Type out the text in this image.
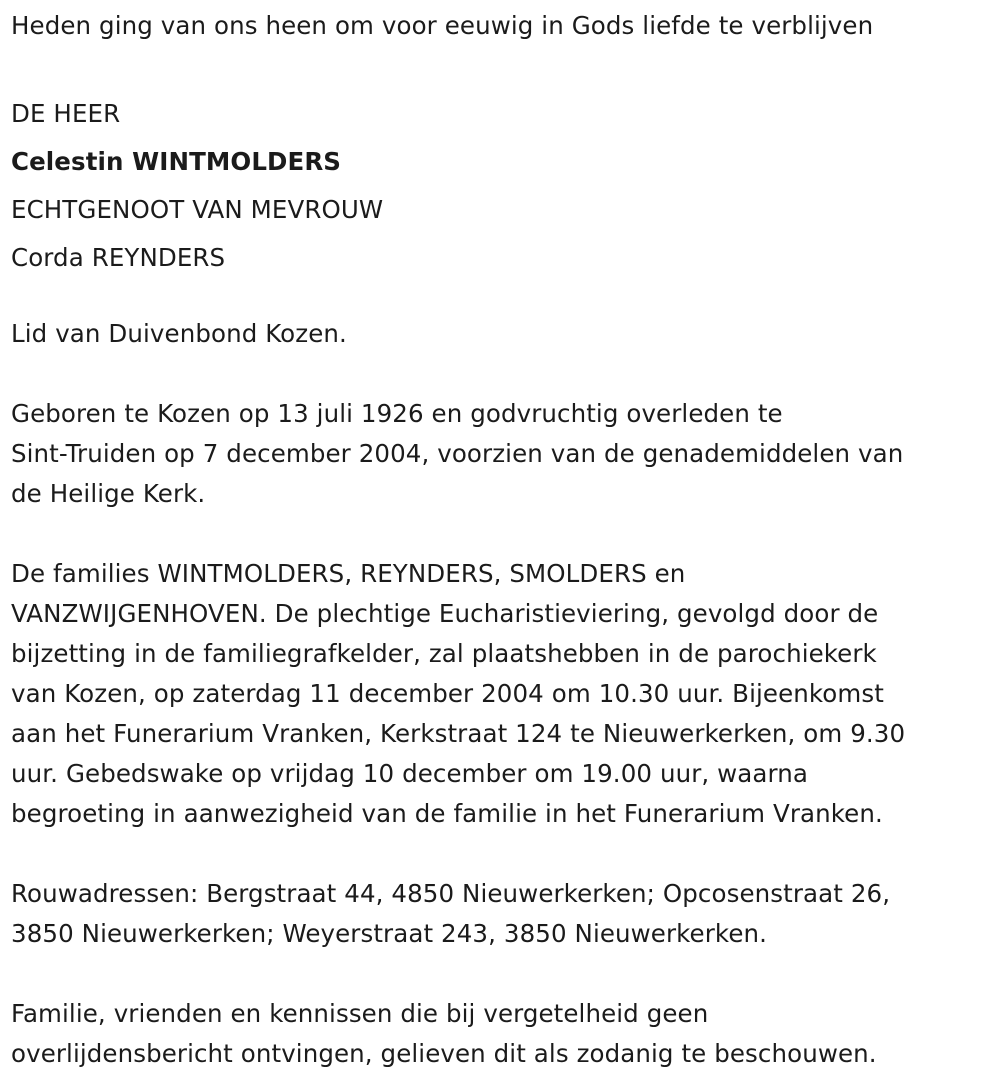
Heden ging van ons heen om voor eeuwig in Gods liefde te verblijven

DE HEER

Celestin WINTMOLDERS

ECHTGENOOT VAN MEVROUW

Corda REYNDERS

Lid van Duivenbond Kozen.

Geboren te Kozen op 13 juli 1926 en godvruchtig overleden te

Sint-Truiden op 7 december 2004, voorzien van de genademiddelen van

de Heilige Kerk.

De families WINTMOLDERS, REYNDERS, SMOLDERS en

VANZWIJGENHOVEN. De plechtige Eucharistieviering, gevolgd door de

bijzetting in de familiegrafkelder, zal plaatshebben in de parochiekerk

van Kozen, op zaterdag 11 december 2004 om 10.30 uur. Bijeenkomst

aan het Funerarium Vranken, Kerkstraat 124 te Nieuwerkerken, om 9.30

uur. Gebedswake op vrijdag 10 december om 19.00 uur, waarna

begroeting in aanwezigheid van de familie in het Funerarium Vranken.

Rouwadressen: Bergstraat 44, 4850 Nieuwerkerken; Opcosenstraat 26,

3850 Nieuwerkerken; Weyerstraat 243, 3850 Nieuwerkerken.

Familie, vrienden en kennissen die bij vergetelheid geen

overlijdensbericht ontvingen, gelieven dit als zodanig te beschouwen.
